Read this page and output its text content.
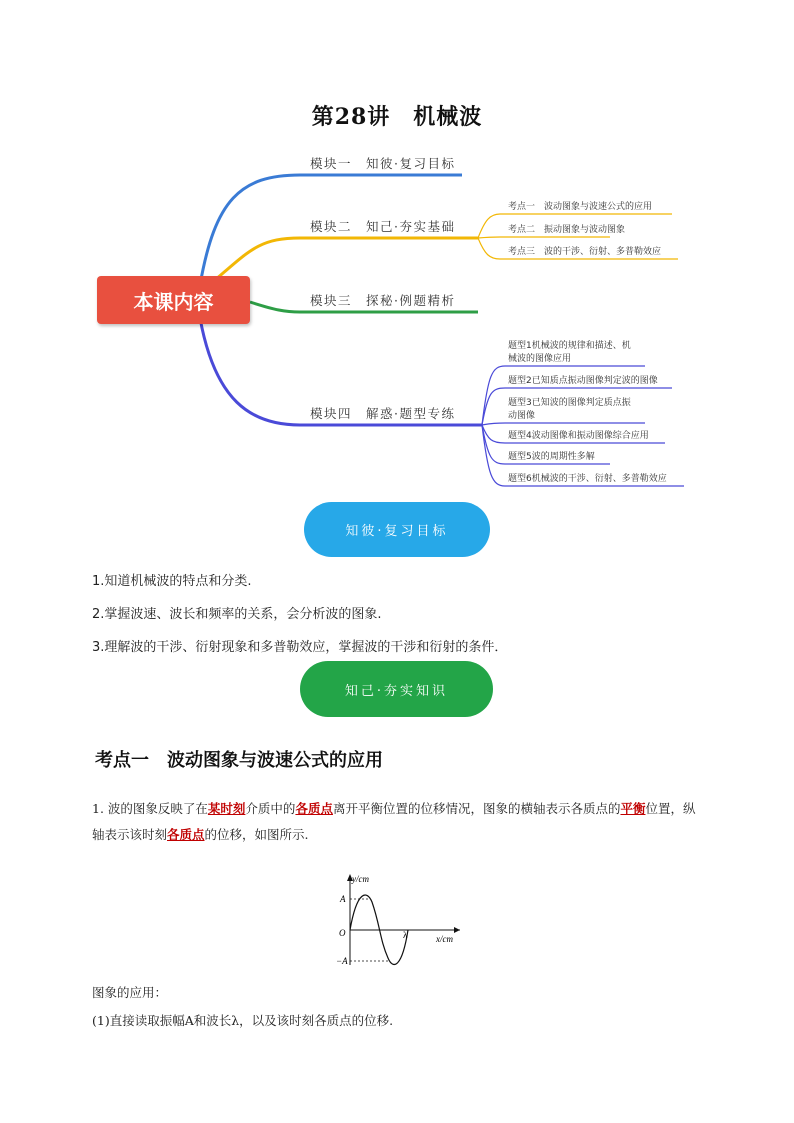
第28讲　机械波
本课内容
模块一　知彼·复习目标
模块二　知己·夯实基础
模块三　探秘·例题精析
模块四　解惑·题型专练
考点一　波动图象与波速公式的应用
考点二　振动图象与波动图象
考点三　波的干涉、衍射、多普勒效应
题型1机械波的规律和描述、机
械波的图像应用
题型2已知质点振动图像判定波的图像
题型3已知波的图像判定质点振
动图像
题型4波动图像和振动图像综合应用
题型5波的周期性多解
题型6机械波的干涉、衍射、多普勒效应
知彼·复习目标
1.知道机械波的特点和分类.
2.掌握波速、波长和频率的关系，会分析波的图象.
3.理解波的干涉、衍射现象和多普勒效应，掌握波的干涉和衍射的条件．
知己·夯实知识
考点一　波动图象与波速公式的应用
1. 波的图象反映了在某时刻介质中的各质点离开平衡位置的位移情况，图象的横轴表示各质点的平衡位置，纵轴表示该时刻各质点的位移，如图所示.
y/cm
x/cm
O
A
−A
λ
图象的应用：
(1)直接读取振幅A和波长λ，以及该时刻各质点的位移.
